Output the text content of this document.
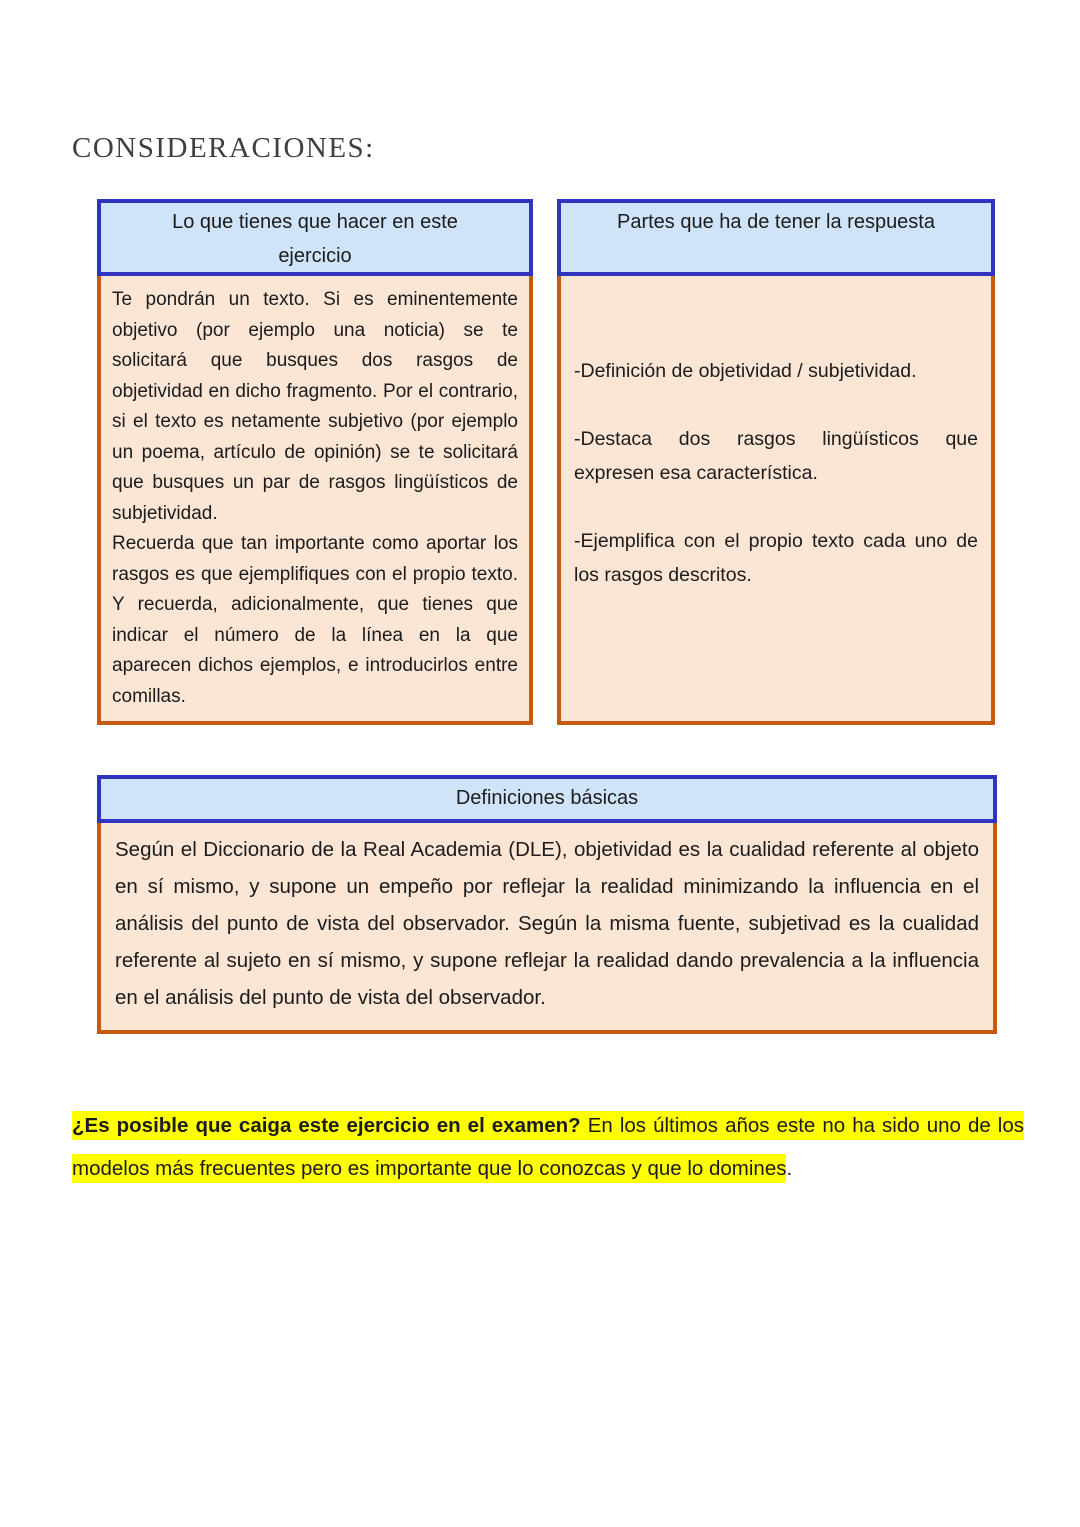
CONSIDERACIONES:
Lo que tienes que hacer en este ejercicio

Te pondrán un texto. Si es eminentemente objetivo (por ejemplo una noticia) se te solicitará que busques dos rasgos de objetividad en dicho fragmento. Por el contrario, si el texto es netamente subjetivo (por ejemplo un poema, artículo de opinión) se te solicitará que busques un par de rasgos lingüísticos de subjetividad.

Recuerda que tan importante como aportar los rasgos es que ejemplifiques con el propio texto. Y recuerda, adicionalmente, que tienes que indicar el número de la línea en la que aparecen dichos ejemplos, e introducirlos entre comillas.

Partes que ha de tener la respuesta

-Definición de objetividad / subjetividad.

-Destaca dos rasgos lingüísticos que expresen esa característica.

-Ejemplifica con el propio texto cada uno de los rasgos descritos.

Definiciones básicas

Según el Diccionario de la Real Academia (DLE), objetividad es la cualidad referente al objeto en sí mismo, y supone un empeño por reflejar la realidad minimizando la influencia en el análisis del punto de vista del observador. Según la misma fuente, subjetivad es la cualidad referente al sujeto en sí mismo, y supone reflejar la realidad dando prevalencia a la influencia en el análisis del punto de vista del observador.

¿Es posible que caiga este ejercicio en el examen? En los últimos años este no ha sido uno de los modelos más frecuentes pero es importante que lo conozcas y que lo domines.
